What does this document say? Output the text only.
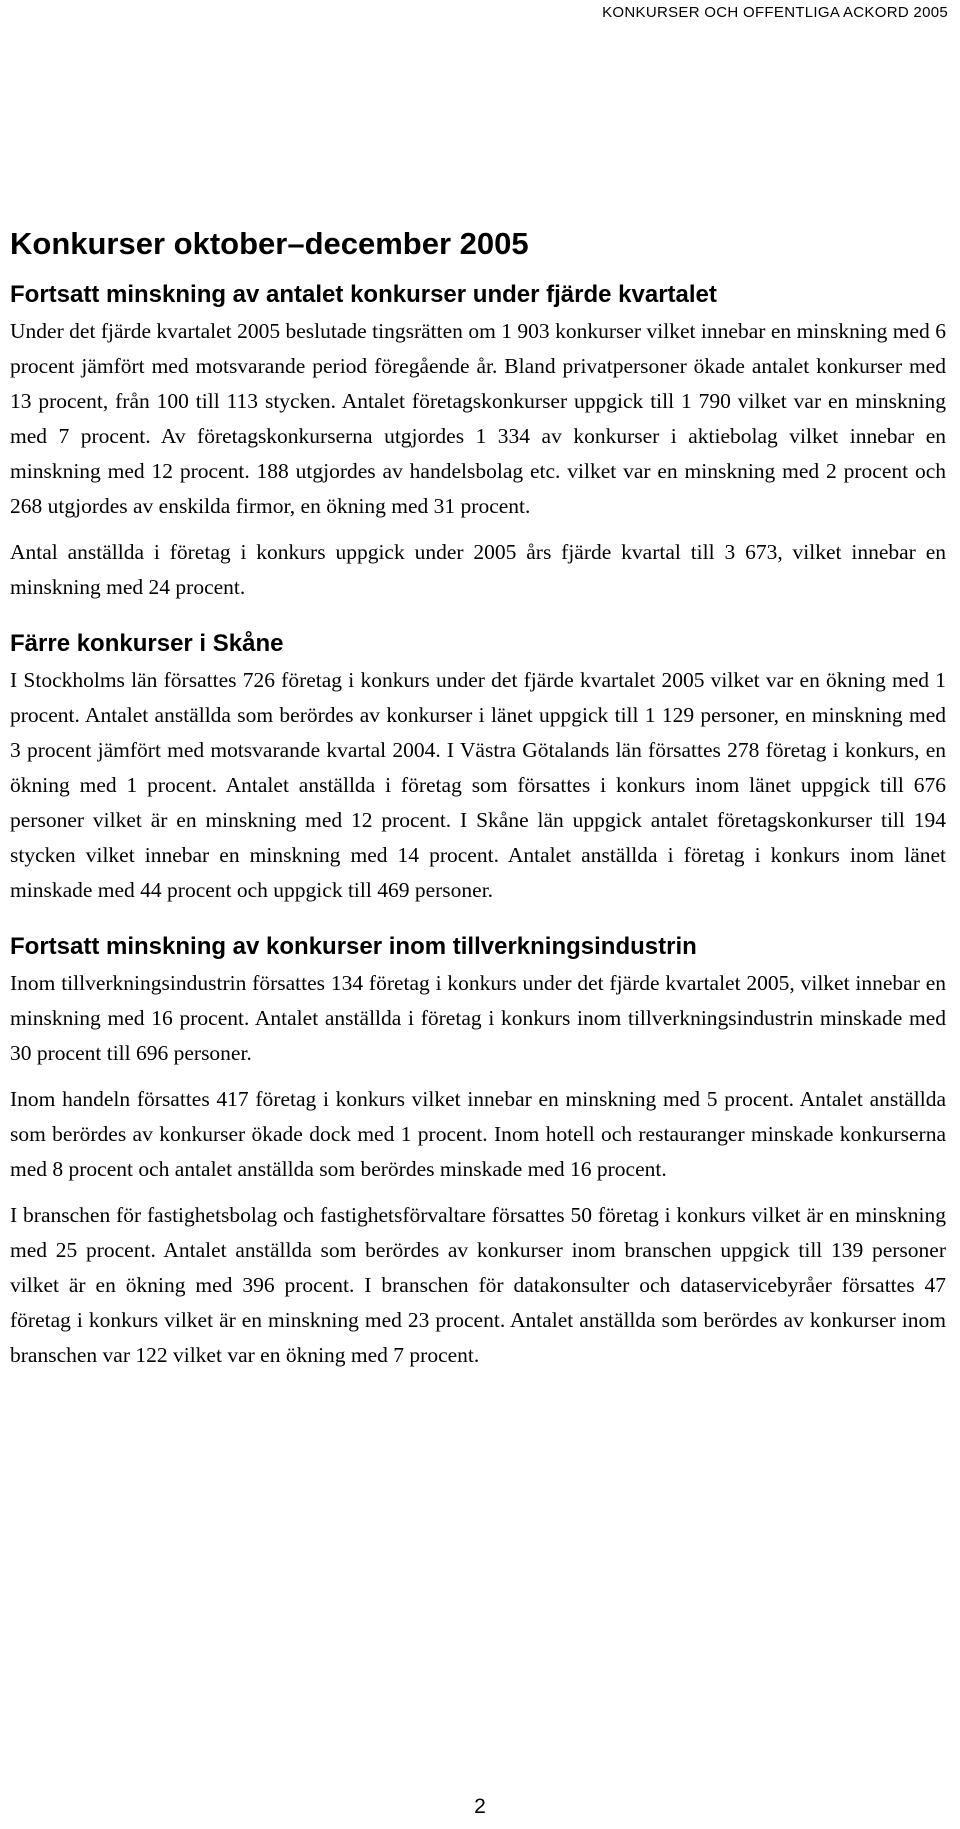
KONKURSER OCH OFFENTLIGA ACKORD 2005
Konkurser oktober–december 2005
Fortsatt minskning av antalet konkurser under fjärde kvartalet

Under det fjärde kvartalet 2005 beslutade tingsrätten om 1 903 konkurser vilket innebar en minskning med 6 procent jämfört med motsvarande period föregående år. Bland privatpersoner ökade antalet konkurser med 13 procent, från 100 till 113 stycken. Antalet företagskonkurser uppgick till 1 790 vilket var en minskning med 7 procent. Av företagskonkurserna utgjordes 1 334 av konkurser i aktiebolag vilket innebar en minskning med 12 procent. 188 utgjordes av handelsbolag etc. vilket var en minskning med 2 procent och 268 utgjordes av enskilda firmor, en ökning med 31 procent.

Antal anställda i företag i konkurs uppgick under 2005 års fjärde kvartal till 3 673, vilket innebar en minskning med 24 procent.

Färre konkurser i Skåne

I Stockholms län försattes 726 företag i konkurs under det fjärde kvartalet 2005 vilket var en ökning med 1 procent. Antalet anställda som berördes av konkurser i länet uppgick till 1 129 personer, en minskning med 3 procent jämfört med motsvarande kvartal 2004. I Västra Götalands län försattes 278 företag i konkurs, en ökning med 1 procent. Antalet anställda i företag som försattes i konkurs inom länet uppgick till 676 personer vilket är en minskning med 12 procent. I Skåne län uppgick antalet företagskonkurser till 194 stycken vilket innebar en minskning med 14 procent. Antalet anställda i företag i konkurs inom länet minskade med 44 procent och uppgick till 469 personer.

Fortsatt minskning av konkurser inom tillverkningsindustrin

Inom tillverkningsindustrin försattes 134 företag i konkurs under det fjärde kvartalet 2005, vilket innebar en minskning med 16 procent. Antalet anställda i företag i konkurs inom tillverkningsindustrin minskade med 30 procent till 696 personer.

Inom handeln försattes 417 företag i konkurs vilket innebar en minskning med 5 procent. Antalet anställda som berördes av konkurser ökade dock med 1 procent. Inom hotell och restauranger minskade konkurserna med 8 procent och antalet anställda som berördes minskade med 16 procent.

I branschen för fastighetsbolag och fastighetsförvaltare försattes 50 företag i konkurs vilket är en minskning med 25 procent. Antalet anställda som berördes av konkurser inom branschen uppgick till 139 personer vilket är en ökning med 396 procent. I branschen för datakonsulter och dataservicebyråer försattes 47 företag i konkurs vilket är en minskning med 23 procent. Antalet anställda som berördes av konkurser inom branschen var 122 vilket var en ökning med 7 procent.

2
